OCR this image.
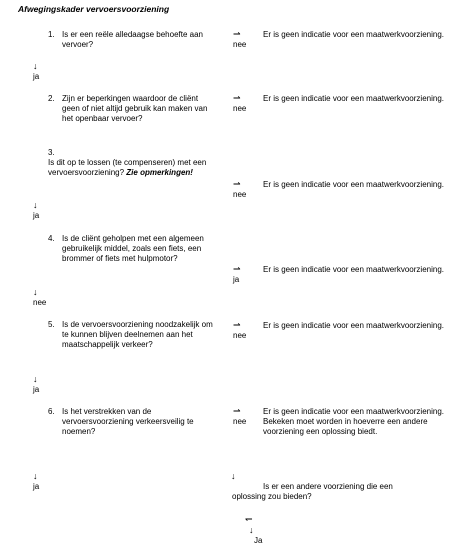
Afwegingskader vervoersvoorziening
1. Is er een reële alledaagse behoefte aan vervoer?
⇀
nee
Er is geen indicatie voor een maatwerkvoorziening.
↓
ja
2. Zijn er beperkingen waardoor de cliënt geen of niet altijd gebruik kan maken van het openbaar vervoer?
⇀
nee
Er is geen indicatie voor een maatwerkvoorziening.
3.
Is dit op te lossen (te compenseren) met een vervoersvoorziening? Zie opmerkingen!
⇀
nee
Er is geen indicatie voor een maatwerkvoorziening.
↓
ja
4. Is de cliënt geholpen met een algemeen gebruikelijk middel, zoals een fiets, een brommer of fiets met hulpmotor?
⇀
ja
Er is geen indicatie voor een maatwerkvoorziening.
↓
nee
5. Is de vervoersvoorziening noodzakelijk om te kunnen blijven deelnemen aan het maatschappelijk verkeer?
⇀
nee
Er is geen indicatie voor een maatwerkvoorziening.
↓
ja
6. Is het verstrekken van de vervoersvoorziening verkeersveilig te noemen?
⇀
nee
Er is geen indicatie voor een maatwerkvoorziening. Bekeken moet worden in hoeverre een andere voorziening een oplossing biedt.
↓
ja
↓
Is er een andere voorziening die een oplossing zou bieden?
↽
↓
Ja
